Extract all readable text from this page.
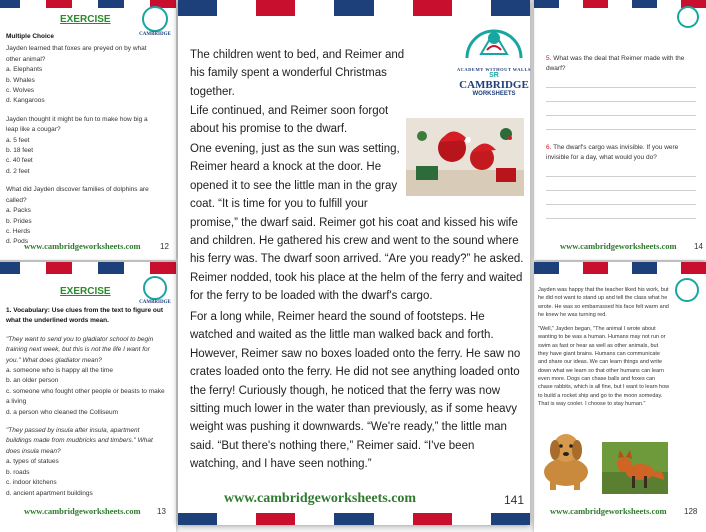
EXERCISE
CAMBRIDGE
Multiple Choice
Jayden learned that foxes are preyed on by what other animal?
a. Elephants
b. Whales
c. Wolves
d. Kangaroos
Jayden thought it might be fun to make how big a leap like a cougar?
a. 5 feet
b. 18 feet
c. 40 feet
d. 2 feet
What did Jayden discover families of dolphins are called?
a. Packs
b. Prides
c. Herds
d. Pods
www.cambridgeworksheets.com 12
EXERCISE
CAMBRIDGE
1. Vocabulary: Use clues from the text to figure out what the underlined words mean.
"They want to send you to gladiator school to begin training next week, but this is not the life I want for you." What does gladiator mean?
a. someone who is happy all the time
b. an older person
c. someone who fought other people or beasts to make a living
d. a person who cleaned the Colliseum
"They passed by insula after insula, apartment buildings made from mudbricks and timbers." What does insula mean?
a. types of statues
b. roads
c. indoor kitchens
d. ancient apartment buildings
www.cambridgeworksheets.com 13
5. What was the deal that Reimer made with the dwarf?
6. The dwarf's cargo was invisible. If you were invisible for a day, what would you do?
www.cambridgeworksheets.com 14
Jayden was happy that the teacher liked his work, but he did not want to stand up and tell the class what he wrote. He was so embarrassed his face felt warm and he knew he was turning red.
"Well," Jayden began, "The animal I wrote about wanting to be was a human. Humans may not run or swim as fast or hear as well as other animals, but they have giant brains. Humans can communicate and share our ideas. We can learn things and write down what we learn so that other humans can learn even more. Dogs can chase balls and foxes can chase rabbits, which is all fine, but I want to learn how to build a rocket ship and go to the moon someday. That is way cooler. I choose to stay human."
www.cambridgeworksheets.com 128
ACADEMY WITHOUT WALLS
SR
CAMBRIDGE
WORKSHEETS

The children went to bed, and Reimer and his family spent a wonderful Christmas together.

Life continued, and Reimer soon forgot about his promise to the dwarf.

One evening, just as the sun was setting, Reimer heard a knock at the door. He opened it to see the little man in the gray coat. “It is time for you to fulfill your promise,” the dwarf said. Reimer got his coat and kissed his wife and children. He gathered his crew and went to the sound where his ferry was. The dwarf soon arrived. “Are you ready?” he asked. Reimer nodded, took his place at the helm of the ferry and waited for the ferry to be loaded with the dwarf's cargo.

For a long while, Reimer heard the sound of footsteps. He watched and waited as the little man walked back and forth. However, Reimer saw no boxes loaded onto the ferry. He saw no crates loaded onto the ferry. He did not see anything loaded onto the ferry! Curiously though, he noticed that the ferry was now sitting much lower in the water than previously, as if some heavy weight was pushing it downwards. “We're ready,” the little man said. “But there's nothing there,” Reimer said. “I've been watching, and I have seen nothing.”

www.cambridgeworksheets.com	141
